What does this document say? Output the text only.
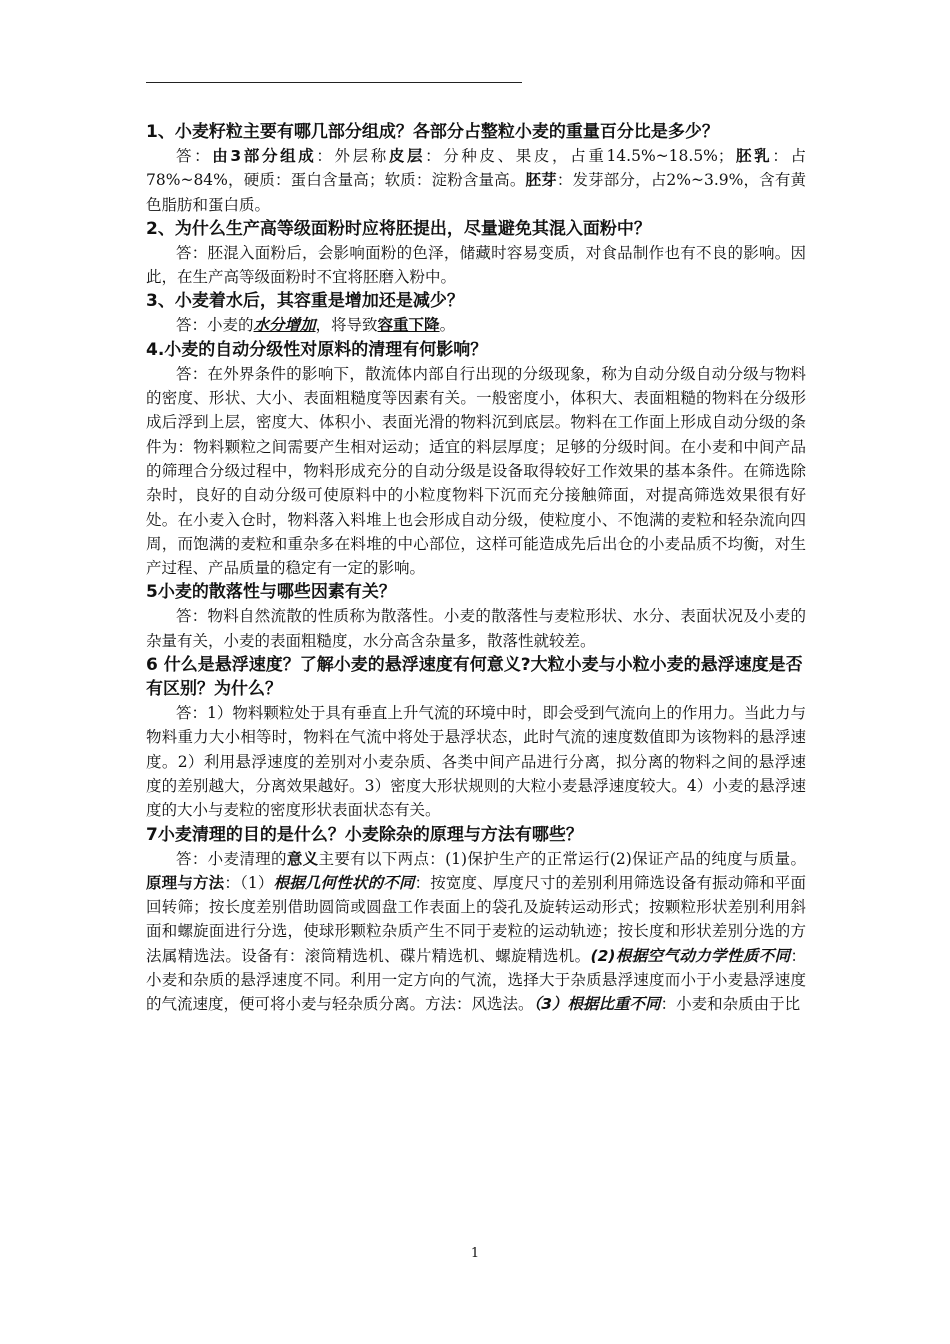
1、小麦籽粒主要有哪几部分组成？各部分占整粒小麦的重量百分比是多少？

答：由3部分组成：外层称皮层：分种皮、果皮，占重14.5%~18.5%；胚乳：占78%~84%，硬质：蛋白含量高；软质：淀粉含量高。胚芽：发芽部分，占2%~3.9%，含有黄色脂肪和蛋白质。

2、为什么生产高等级面粉时应将胚提出，尽量避免其混入面粉中？

答：胚混入面粉后，会影响面粉的色泽，储藏时容易变质，对食品制作也有不良的影响。因此，在生产高等级面粉时不宜将胚磨入粉中。

3、小麦着水后，其容重是增加还是减少？

答：小麦的水分增加，将导致容重下降。

4.小麦的自动分级性对原料的清理有何影响？

答：在外界条件的影响下，散流体内部自行出现的分级现象，称为自动分级自动分级与物料的密度、形状、大小、表面粗糙度等因素有关。一般密度小，体积大、表面粗糙的物料在分级形成后浮到上层，密度大、体积小、表面光滑的物料沉到底层。物料在工作面上形成自动分级的条件为：物料颗粒之间需要产生相对运动；适宜的料层厚度；足够的分级时间。在小麦和中间产品的筛理合分级过程中，物料形成充分的自动分级是设备取得较好工作效果的基本条件。在筛选除杂时，良好的自动分级可使原料中的小粒度物料下沉而充分接触筛面，对提高筛选效果很有好处。在小麦入仓时，物料落入料堆上也会形成自动分级，使粒度小、不饱满的麦粒和轻杂流向四周，而饱满的麦粒和重杂多在料堆的中心部位，这样可能造成先后出仓的小麦品质不均衡，对生产过程、产品质量的稳定有一定的影响。

5小麦的散落性与哪些因素有关？

答：物料自然流散的性质称为散落性。小麦的散落性与麦粒形状、水分、表面状况及小麦的杂量有关，小麦的表面粗糙度，水分高含杂量多，散落性就较差。

6 什么是悬浮速度？了解小麦的悬浮速度有何意义?大粒小麦与小粒小麦的悬浮速度是否有区别？为什么？

答：1）物料颗粒处于具有垂直上升气流的环境中时，即会受到气流向上的作用力。当此力与物料重力大小相等时，物料在气流中将处于悬浮状态，此时气流的速度数值即为该物料的悬浮速度。2）利用悬浮速度的差别对小麦杂质、各类中间产品进行分离，拟分离的物料之间的悬浮速度的差别越大，分离效果越好。3）密度大形状规则的大粒小麦悬浮速度较大。4）小麦的悬浮速度的大小与麦粒的密度形状表面状态有关。

7小麦清理的目的是什么？小麦除杂的原理与方法有哪些？

答：小麦清理的意义主要有以下两点：(1)保护生产的正常运行(2)保证产品的纯度与质量。原理与方法：（1）根据几何性状的不同：按宽度、厚度尺寸的差别利用筛选设备有振动筛和平面回转筛；按长度差别借助圆筒或圆盘工作表面上的袋孔及旋转运动形式；按颗粒形状差别利用斜面和螺旋面进行分选，使球形颗粒杂质产生不同于麦粒的运动轨迹；按长度和形状差别分选的方法属精选法。设备有：滚筒精选机、碟片精选机、螺旋精选机。(2)根据空气动力学性质不同：小麦和杂质的悬浮速度不同。利用一定方向的气流，选择大于杂质悬浮速度而小于小麦悬浮速度的气流速度，便可将小麦与轻杂质分离。方法：风选法。（3）根据比重不同：小麦和杂质由于比

1
